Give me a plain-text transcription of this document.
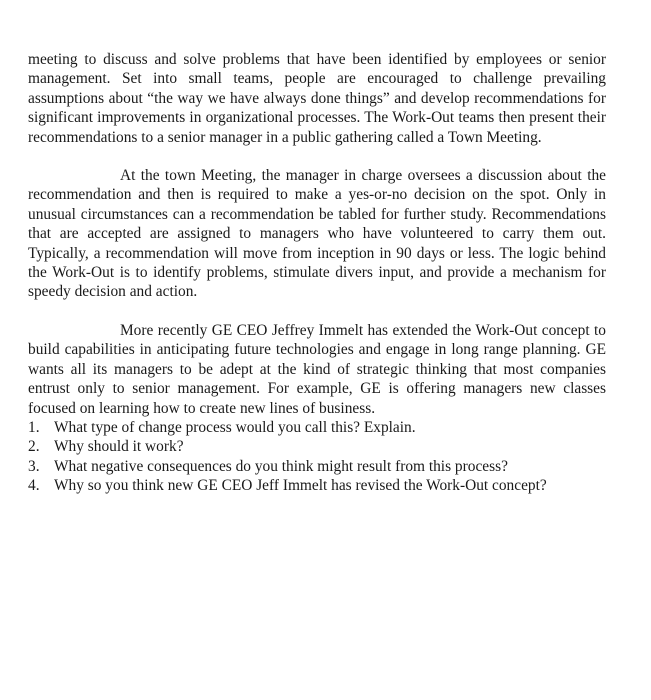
meeting to discuss and solve problems that have been identified by employees or senior management. Set into small teams, people are encouraged to challenge prevailing assumptions about “the way we have always done things” and develop recommendations for significant improvements in organizational processes. The Work-Out teams then present their recommendations to a senior manager in a public gathering called a Town Meeting.

At the town Meeting, the manager in charge oversees a discussion about the recommendation and then is required to make a yes-or-no decision on the spot. Only in unusual circumstances can a recommendation be tabled for further study. Recommendations that are accepted are assigned to managers who have volunteered to carry them out. Typically, a recommendation will move from inception in 90 days or less. The logic behind the Work-Out is to identify problems, stimulate divers input, and provide a mechanism for speedy decision and action.

More recently GE CEO Jeffrey Immelt has extended the Work-Out concept to build capabilities in anticipating future technologies and engage in long range planning. GE wants all its managers to be adept at the kind of strategic thinking that most companies entrust only to senior management. For example, GE is offering managers new classes focused on learning how to create new lines of business.

1. What type of change process would you call this? Explain.
2. Why should it work?
3. What negative consequences do you think might result from this process?
4. Why so you think new GE CEO Jeff Immelt has revised the Work-Out concept?
